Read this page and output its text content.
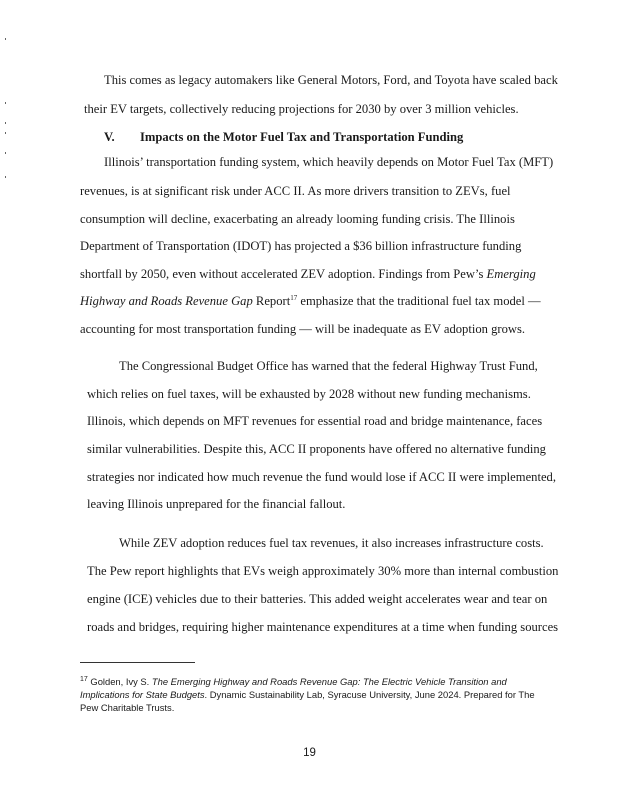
This comes as legacy automakers like General Motors, Ford, and Toyota have scaled back
their EV targets, collectively reducing projections for 2030 by over 3 million vehicles.
V. Impacts on the Motor Fuel Tax and Transportation Funding
Illinois’ transportation funding system, which heavily depends on Motor Fuel Tax (MFT)
revenues, is at significant risk under ACC II. As more drivers transition to ZEVs, fuel
consumption will decline, exacerbating an already looming funding crisis. The Illinois
Department of Transportation (IDOT) has projected a $36 billion infrastructure funding
shortfall by 2050, even without accelerated ZEV adoption. Findings from Pew’s Emerging
Highway and Roads Revenue Gap Report$^{17}$ emphasize that the traditional fuel tax model —
accounting for most transportation funding — will be inadequate as EV adoption grows.
The Congressional Budget Office has warned that the federal Highway Trust Fund,
which relies on fuel taxes, will be exhausted by 2028 without new funding mechanisms.
Illinois, which depends on MFT revenues for essential road and bridge maintenance, faces
similar vulnerabilities. Despite this, ACC II proponents have offered no alternative funding
strategies nor indicated how much revenue the fund would lose if ACC II were implemented,
leaving Illinois unprepared for the financial fallout.
While ZEV adoption reduces fuel tax revenues, it also increases infrastructure costs.
The Pew report highlights that EVs weigh approximately 30% more than internal combustion
engine (ICE) vehicles due to their batteries. This added weight accelerates wear and tear on
roads and bridges, requiring higher maintenance expenditures at a time when funding sources
$^{17}$ Golden, Ivy S. The Emerging Highway and Roads Revenue Gap: The Electric Vehicle Transition and
Implications for State Budgets. Dynamic Sustainability Lab, Syracuse University, June 2024. Prepared for The
Pew Charitable Trusts.
19
